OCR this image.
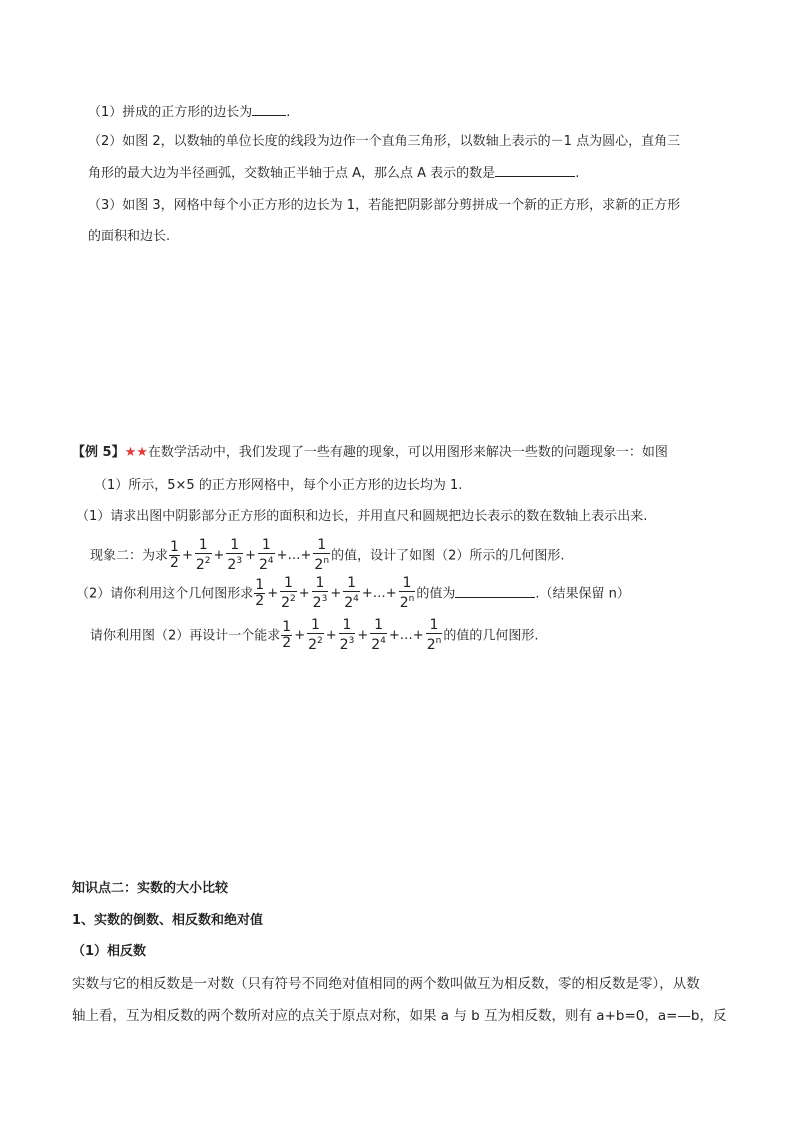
（1）拼成的正方形的边长为	.
（2）如图 2，以数轴的单位长度的线段为边作一个直角三角形，以数轴上表示的－1 点为圆心，直角三
角形的最大边为半径画弧，交数轴正半轴于点 A，那么点 A 表示的数是	.
（3）如图 3，网格中每个小正方形的边长为 1，若能把阴影部分剪拼成一个新的正方形，求新的正方形
的面积和边长.
【例 5】★★在数学活动中，我们发现了一些有趣的现象，可以用图形来解决一些数的问题现象一：如图
（1）所示，5×5 的正方形网格中，每个小正方形的边长均为 1.
（1）请求出图中阴影部分正方形的面积和边长，并用直尺和圆规把边长表示的数在数轴上表示出来.
现象二：为求 $\frac{1}{2} + \frac{1}{2^2} + \frac{1}{2^3} + \frac{1}{2^4}$ +…+ $\frac{1}{2^n}$ 的值，设计了如图（2）所示的几何图形.
（2）请你利用这个几何图形求 $\frac{1}{2} + \frac{1}{2^2} + \frac{1}{2^3} + \frac{1}{2^4}$ +…+ $\frac{1}{2^n}$ 的值为	.（结果保留 n）
请你利用图（2）再设计一个能求 $\frac{1}{2} + \frac{1}{2^2} + \frac{1}{2^3} + \frac{1}{2^4}$ +…+ $\frac{1}{2^n}$ 的值的几何图形.
知识点二：实数的大小比较
1、实数的倒数、相反数和绝对值
（1）相反数
实数与它的相反数是一对数（只有符号不同绝对值相同的两个数叫做互为相反数，零的相反数是零），从数
轴上看，互为相反数的两个数所对应的点关于原点对称，如果 a 与 b 互为相反数，则有 a+b=0，a=—b，反
